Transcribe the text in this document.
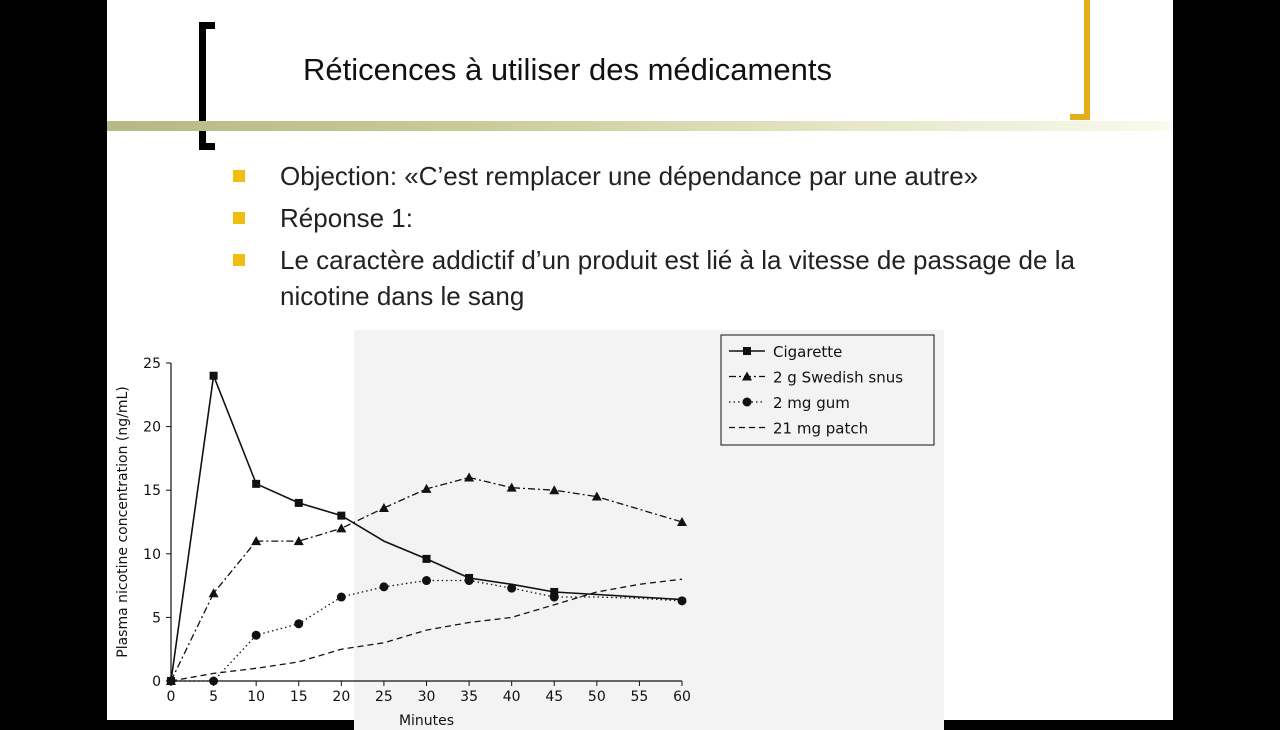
Réticences à utiliser des médicaments
Objection: «C’est remplacer une dépendance par une autre»
Réponse 1:
Le caractère addictif d’un produit est lié à la vitesse de passage de la nicotine dans le sang
0
5
10
15
20
25
0 5 10 15 20 25 30 35 40 45 50 55 60
Plasma nicotine concentration (ng/mL)
Minutes
Cigarette
2 g Swedish snus
2 mg gum
21 mg patch
